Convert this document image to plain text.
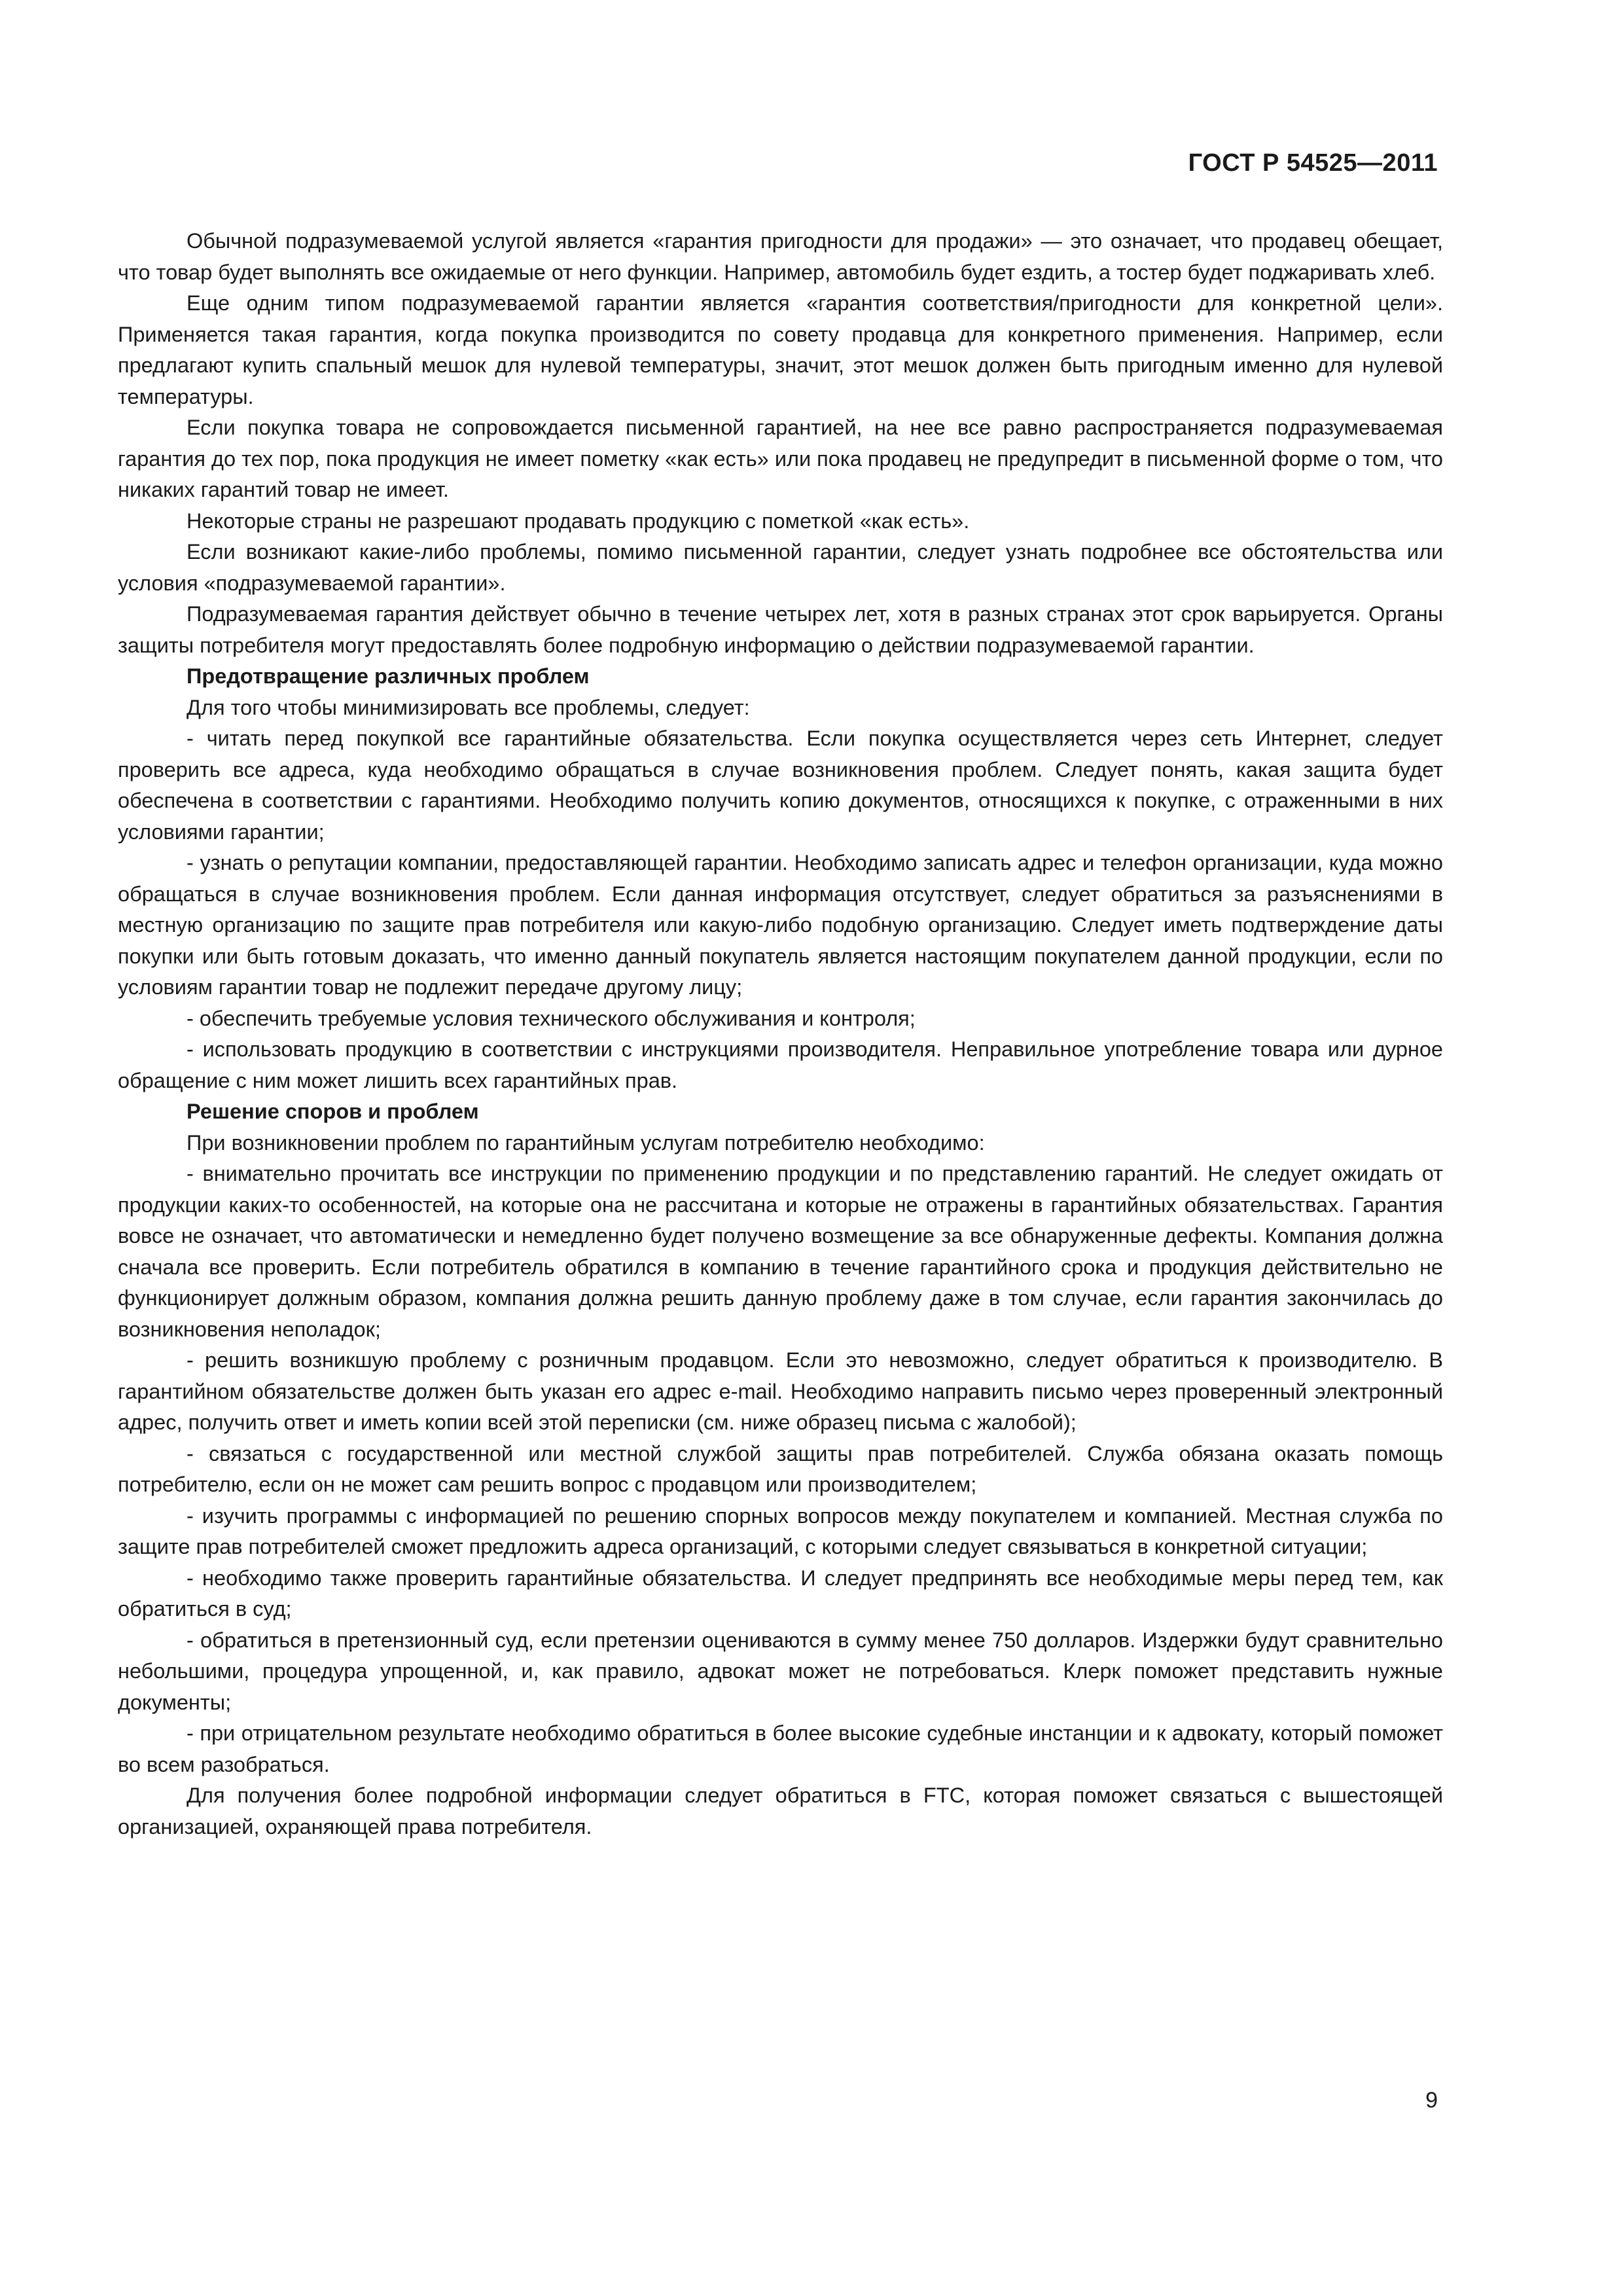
ГОСТ Р 54525—2011

Обычной подразумеваемой услугой является «гарантия пригодности для продажи» — это означает, что продавец обещает, что товар будет выполнять все ожидаемые от него функции. Например, автомобиль будет ездить, а тостер будет поджаривать хлеб.

Еще одним типом подразумеваемой гарантии является «гарантия соответствия/пригодности для конкретной цели». Применяется такая гарантия, когда покупка производится по совету продавца для конкретного применения. Например, если предлагают купить спальный мешок для нулевой температуры, значит, этот мешок должен быть пригодным именно для нулевой температуры.

Если покупка товара не сопровождается письменной гарантией, на нее все равно распространяется подразумеваемая гарантия до тех пор, пока продукция не имеет пометку «как есть» или пока продавец не предупредит в письменной форме о том, что никаких гарантий товар не имеет.

Некоторые страны не разрешают продавать продукцию с пометкой «как есть».

Если возникают какие-либо проблемы, помимо письменной гарантии, следует узнать подробнее все обстоятельства или условия «подразумеваемой гарантии».

Подразумеваемая гарантия действует обычно в течение четырех лет, хотя в разных странах этот срок варьируется. Органы защиты потребителя могут предоставлять более подробную информацию о действии подразумеваемой гарантии.

Предотвращение различных проблем

Для того чтобы минимизировать все проблемы, следует:

- читать перед покупкой все гарантийные обязательства. Если покупка осуществляется через сеть Интернет, следует проверить все адреса, куда необходимо обращаться в случае возникновения проблем. Следует понять, какая защита будет обеспечена в соответствии с гарантиями. Необходимо получить копию документов, относящихся к покупке, с отраженными в них условиями гарантии;

- узнать о репутации компании, предоставляющей гарантии. Необходимо записать адрес и телефон организации, куда можно обращаться в случае возникновения проблем. Если данная информация отсутствует, следует обратиться за разъяснениями в местную организацию по защите прав потребителя или какую-либо подобную организацию. Следует иметь подтверждение даты покупки или быть готовым доказать, что именно данный покупатель является настоящим покупателем данной продукции, если по условиям гарантии товар не подлежит передаче другому лицу;

- обеспечить требуемые условия технического обслуживания и контроля;

- использовать продукцию в соответствии с инструкциями производителя. Неправильное употребление товара или дурное обращение с ним может лишить всех гарантийных прав.

Решение споров и проблем

При возникновении проблем по гарантийным услугам потребителю необходимо:

- внимательно прочитать все инструкции по применению продукции и по представлению гарантий. Не следует ожидать от продукции каких-то особенностей, на которые она не рассчитана и которые не отражены в гарантийных обязательствах. Гарантия вовсе не означает, что автоматически и немедленно будет получено возмещение за все обнаруженные дефекты. Компания должна сначала все проверить. Если потребитель обратился в компанию в течение гарантийного срока и продукция действительно не функционирует должным образом, компания должна решить данную проблему даже в том случае, если гарантия закончилась до возникновения неполадок;

- решить возникшую проблему с розничным продавцом. Если это невозможно, следует обратиться к производителю. В гарантийном обязательстве должен быть указан его адрес e-mail. Необходимо направить письмо через проверенный электронный адрес, получить ответ и иметь копии всей этой переписки (см. ниже образец письма с жалобой);

- связаться с государственной или местной службой защиты прав потребителей. Служба обязана оказать помощь потребителю, если он не может сам решить вопрос с продавцом или производителем;

- изучить программы с информацией по решению спорных вопросов между покупателем и компанией. Местная служба по защите прав потребителей сможет предложить адреса организаций, с которыми следует связываться в конкретной ситуации;

- необходимо также проверить гарантийные обязательства. И следует предпринять все необходимые меры перед тем, как обратиться в суд;

- обратиться в претензионный суд, если претензии оцениваются в сумму менее 750 долларов. Издержки будут сравнительно небольшими, процедура упрощенной, и, как правило, адвокат может не потребоваться. Клерк поможет представить нужные документы;

- при отрицательном результате необходимо обратиться в более высокие судебные инстанции и к адвокату, который поможет во всем разобраться.

Для получения более подробной информации следует обратиться в FTC, которая поможет связаться с вышестоящей организацией, охраняющей права потребителя.

9
